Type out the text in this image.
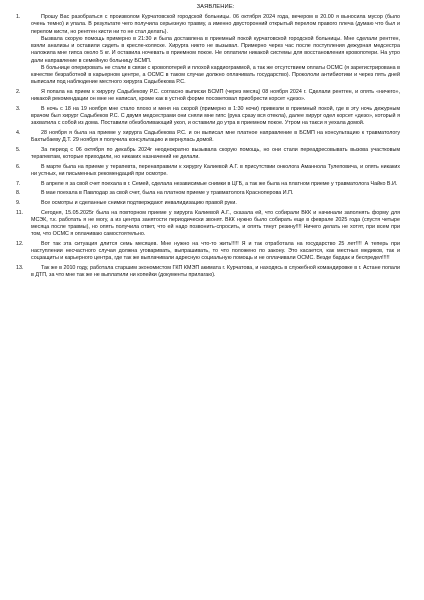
ЗАЯВЛЕНИЕ:
1.	Прошу Вас разобраться с произволом Курчатовской городской больницы. 06 октября 2024 года, вечером в 20.00 я выносила мусор (было очень темно) и упала. В результате чего получила серьезную травму, а именно двусторонний открытый перелом правого плеча (думаю что был и перелом кисти, но рентген кисти ни то не стал делать).

Вызвала скорую помощь примерно в 21:30 и была доставлена в приемный покой курчатовской городской больницы. Мне сделали рентген, взяли анализы и оставили сидеть в кресле-коляске. Хирурга никто не вызывал. Примерно через час после поступления дежурная медсестра наложила мне гипса около 5 кг. И оставила ночевать в приемном покое. Не оплатили никакой системы для восстановления кровопотери. На утро дали направление в семейную больницу БСМП.

В больнице оперировать не стали в связи с кровопотерей и плохой кардиограммой, а так же отсутствием оплаты ОСМС (я зарегистрирована в качестве безработной в карьерном центре, а ОСМС в таком случае должно оплачивать государство). Прокололи антибиотики и через пять дней выписали под наблюдение местного хирурга Садыбекова Р.С.

2.	Я попала на прием к хирургу Садыбекову Р.С. согласно выписки БСМП (через месяц) 08 ноября 2024 г. Сделали рентген, и опять «ничего», никакой рекомендации он мне не написал, кроме как в устной форме посоветовал приобрести корсет «дезо».

3.	В ночь с 18 на 19 ноября мне стало плохо и меня на скорой (примерно в 1:30 ночи) привезли в приемный покой, где в эту ночь дежурным врачом был хирург Садыбеков Р.С. С двумя медсестрами они сняли мне гипс (рука сразу вся отекла), далее хирург одел корсет «дезо», который я захватила с собой из дома. Поставили обезболивающий укол, и оставили до утра в приемном покое. Утром на такси я уехала домой.

4.	28 ноября я была на приеме у хирурга Садыбекова Р.С. и он выписал мне платное направление в БСМП на консультацию к травматологу Бахтыбаеву Д.Т. 29 ноября я получила консультацию и вернулась домой.

5.	За период с 06 октября по декабрь 2024г неоднократно вызывала скорую помощь, но они стали переадресовывать вызова участковым терапевтам, которые приходили, но никаких назначений не делали.

6.	В марте была на приеме у терапевта, перенаправили к хирургу Калиевой А.Г. в присутствии онколога Аманнола Тулеповича, и опять никаких ни устных, ни письменных рекомендаций при осмотре.

7.	В апреле я за свой счет поехала в г. Семей, сделала независимые снимки в ЦГБ, а так же была на платном приеме у травматолога Чайко В.И.

8.	В мае поехала в Павлодар за свой счет, была на платном приеме у травматолога Красноперова И.П.

9.	Все осмотры и сделанные снимки подтверждают инвалидизацию правой руки.

11.	Сегодня, 15.05.2025г была на повторном приеме у хирурга Калиевой А.Г., сказала ей, что собирали ВКК и начинали заполнять форму для МСЭК, т.к. работать я не могу, а из центра занятости периодически звонят. ВКК нужно было собирать еще в феврале 2025 года (спустя четыре месяца после травмы), но опять получила ответ, что ей надо позвонить-спросить, и опять тянут резину!!!! Ничего делать не хотят, при всем при том, что ОСМС я оплачиваю самостоятельно.

12.	Вот так эта ситуация длится семь месяцев. Мне нужно на что-то жить!!!!! Я и так отработала на государство 25 лет!!!! А теперь при наступлении несчастного случая должна уговаривать, выпрашивать, то что положено по закону. Это касается, как местных медиков, так и соцзащиты и карьерного центра, где так же выплачивали адресную социальную помощь и не оплачивали ОСМС. Везде бардак и беспредел!!!!!

13.	Так же в 2010 году, работала старшим экономистом ГКП КМЭП акимата г. Курчатова, и находясь в служебной командировке в г. Астане попали в ДТП, за что мне так же не выплатили ни копейки (документы прилагаю).
